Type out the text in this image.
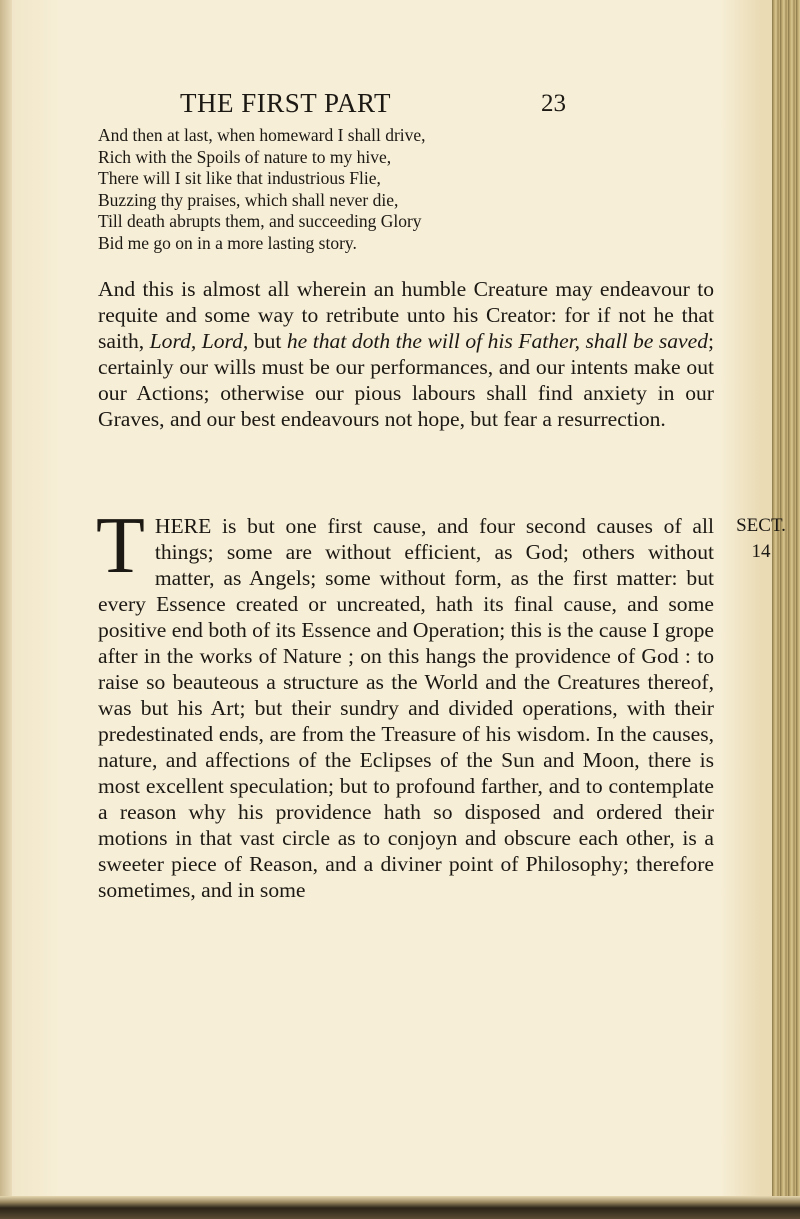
THE FIRST PART	23
And then at last, when homeward I shall drive,
Rich with the Spoils of nature to my hive,
There will I sit like that industrious Flie,
Buzzing thy praises, which shall never die,
Till death abrupts them, and succeeding Glory
Bid me go on in a more lasting story.
And this is almost all wherein an humble Creature may endeavour to requite and some way to retribute unto his Creator: for if not he that saith, Lord, Lord, but he that doth the will of his Father, shall be saved; certainly our wills must be our performances, and our intents make out our Actions; otherwise our pious labours shall find anxiety in our Graves, and our best endeavours not hope, but fear a resurrection.
THERE is but one first cause, and four second causes of all things; some are without efficient, as God; others without matter, as Angels; some without form, as the first matter: but every Essence created or uncreated, hath its final cause, and some positive end both of its Essence and Operation; this is the cause I grope after in the works of Nature ; on this hangs the providence of God : to raise so beauteous a structure as the World and the Creatures thereof, was but his Art; but their sundry and divided operations, with their predestinated ends, are from the Treasure of his wisdom. In the causes, nature, and affections of the Eclipses of the Sun and Moon, there is most excellent speculation; but to profound farther, and to contemplate a reason why his providence hath so disposed and ordered their motions in that vast circle as to conjoyn and obscure each other, is a sweeter piece of Reason, and a diviner point of Philosophy; therefore sometimes, and in some
SECT.
14
